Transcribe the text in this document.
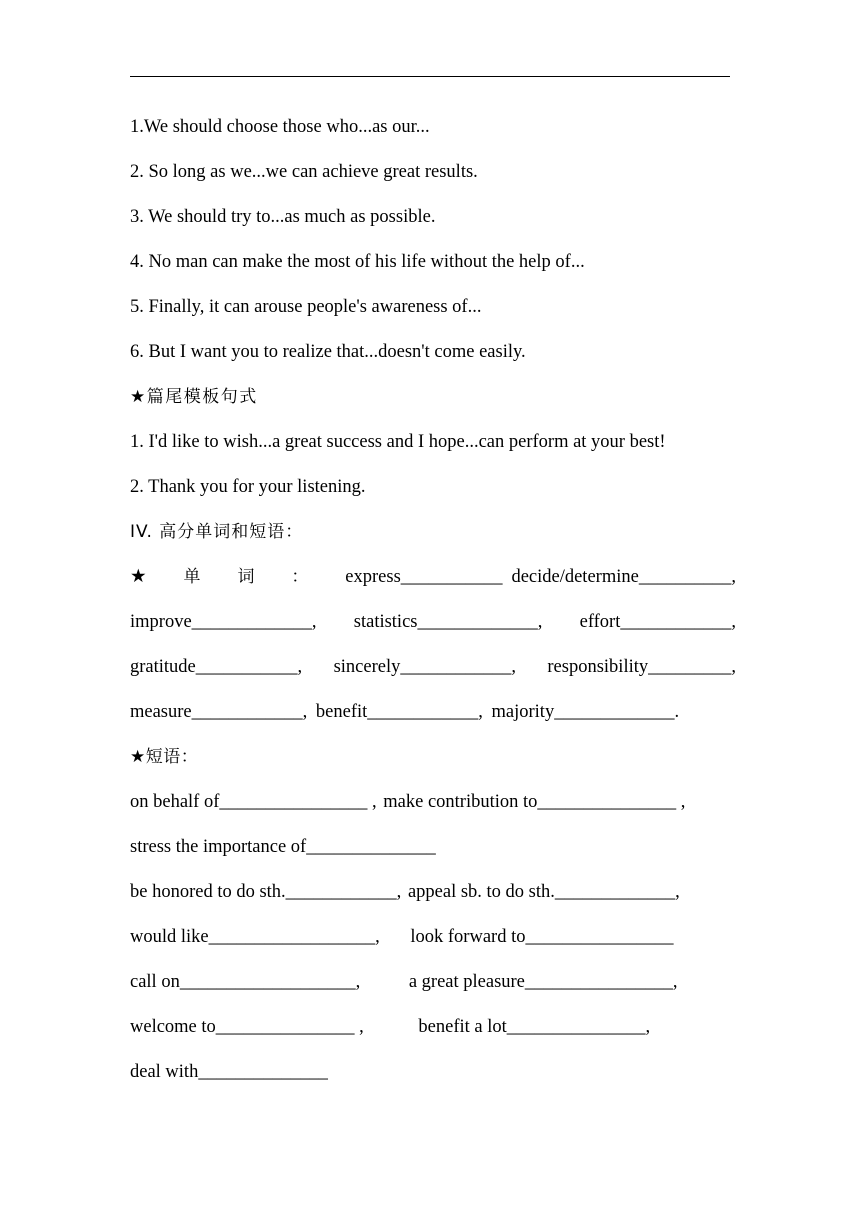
1.We should choose those who...as our...
2. So long as we...we can achieve great results.
3. We should try to...as much as possible.
4. No man can make the most of his life without the help of...
5. Finally, it can arouse people's awareness of...
6. But I want you to realize that...doesn't come easily.
★篇尾模板句式
1. I'd like to wish...a great success and I hope...can perform at your best!
2. Thank you for your listening.
IV. 高分单词和短语：
★ 单 词 ： express___________ decide/determine__________,
improve_____________, statistics_____________, effort____________,
gratitude___________, sincerely____________, responsibility_________,
measure____________, benefit____________, majority_____________.
★短语：
on behalf of________________ , make contribution to_______________ ,
stress the importance of______________
be honored to do sth.____________, appeal sb. to do sth._____________,
would like__________________, look forward to________________
call on___________________,	a great pleasure________________,
welcome to_______________ ,	benefit a lot_______________,
deal with______________
